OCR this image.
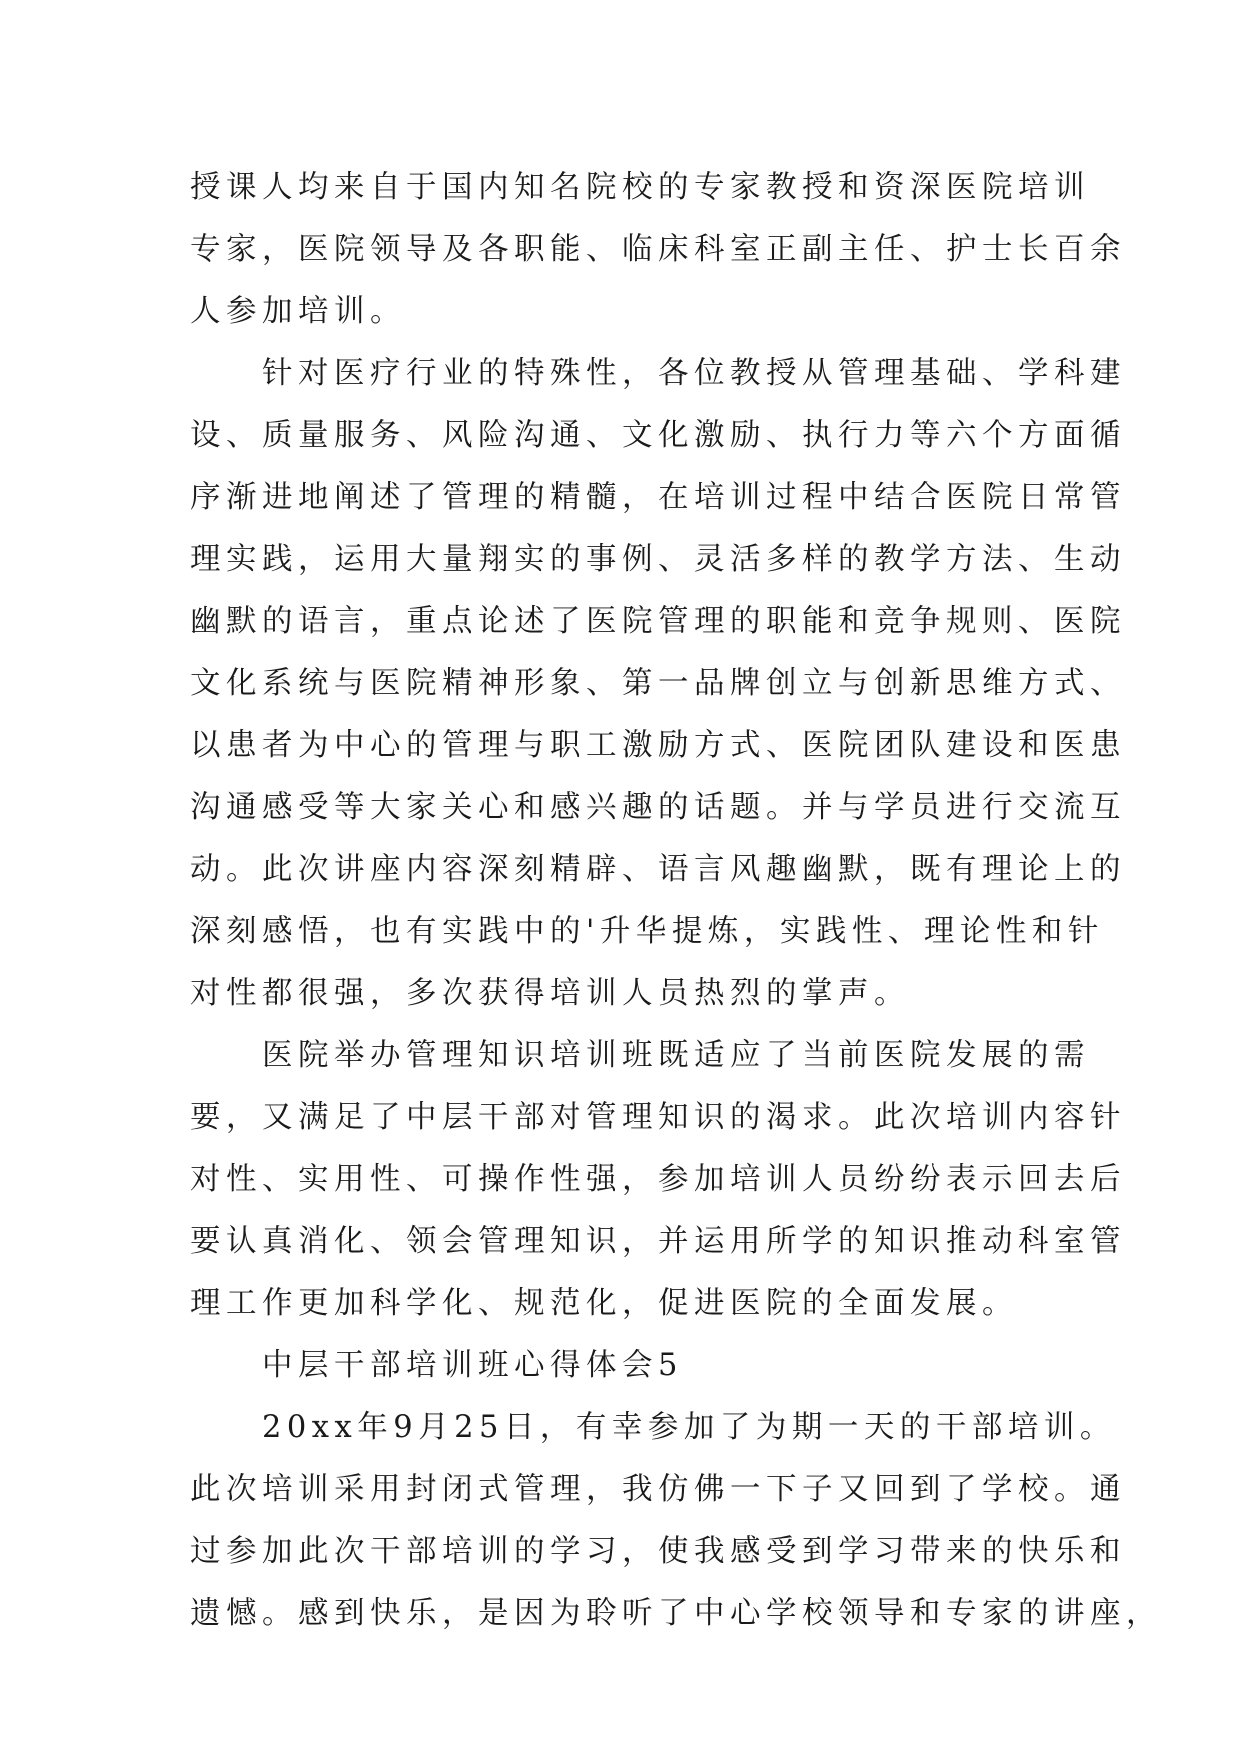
授课人均来自于国内知名院校的专家教授和资深医院培训
专家，医院领导及各职能、临床科室正副主任、护士长百余
人参加培训。
　　针对医疗行业的特殊性，各位教授从管理基础、学科建
设、质量服务、风险沟通、文化激励、执行力等六个方面循
序渐进地阐述了管理的精髓，在培训过程中结合医院日常管
理实践，运用大量翔实的事例、灵活多样的教学方法、生动
幽默的语言，重点论述了医院管理的职能和竞争规则、医院
文化系统与医院精神形象、第一品牌创立与创新思维方式、
以患者为中心的管理与职工激励方式、医院团队建设和医患
沟通感受等大家关心和感兴趣的话题。并与学员进行交流互
动。此次讲座内容深刻精辟、语言风趣幽默，既有理论上的
深刻感悟，也有实践中的'升华提炼，实践性、理论性和针
对性都很强，多次获得培训人员热烈的掌声。
　　医院举办管理知识培训班既适应了当前医院发展的需
要，又满足了中层干部对管理知识的渴求。此次培训内容针
对性、实用性、可操作性强，参加培训人员纷纷表示回去后
要认真消化、领会管理知识，并运用所学的知识推动科室管
理工作更加科学化、规范化，促进医院的全面发展。
　　中层干部培训班心得体会5
　　20xx年9月25日，有幸参加了为期一天的干部培训。
此次培训采用封闭式管理，我仿佛一下子又回到了学校。通
过参加此次干部培训的学习，使我感受到学习带来的快乐和
遗憾。感到快乐，是因为聆听了中心学校领导和专家的讲座，
